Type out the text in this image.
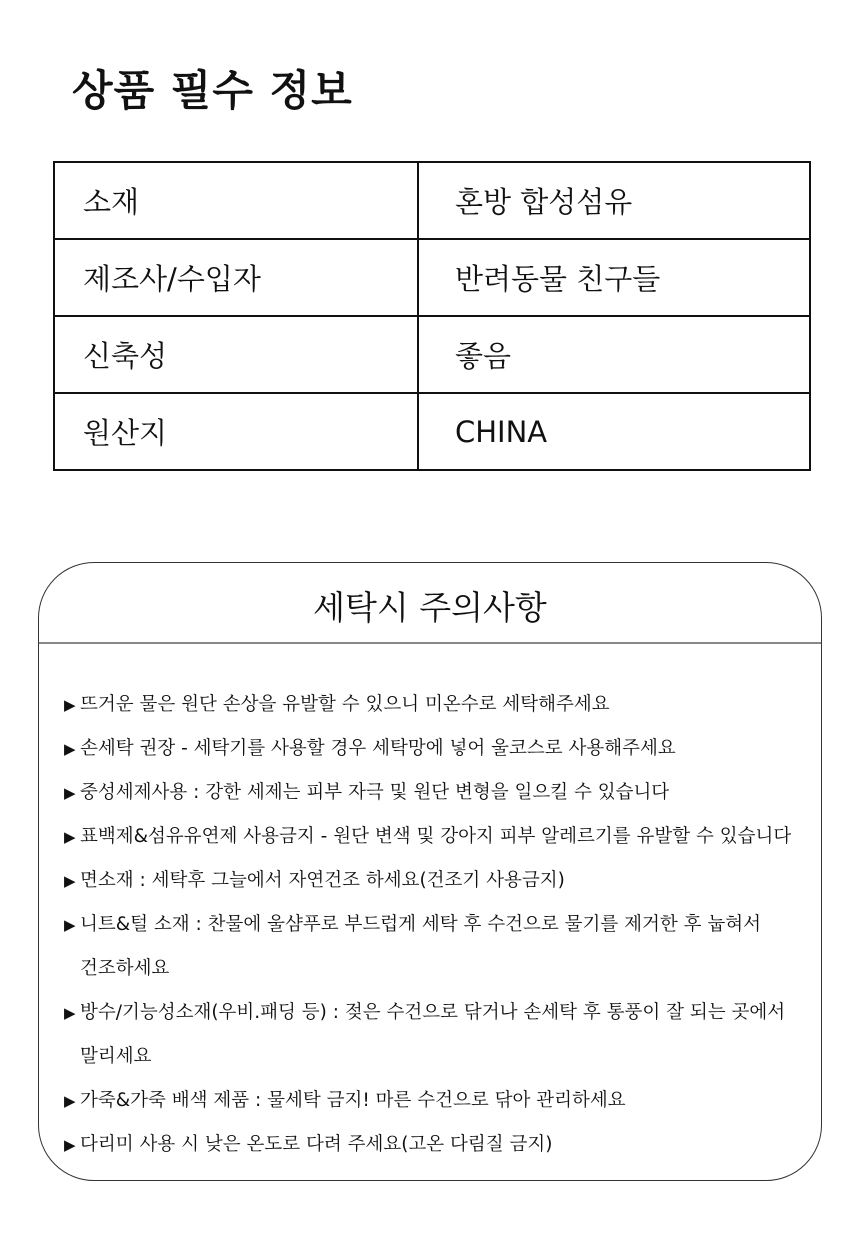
상품 필수 정보
소재	혼방 합성섬유
제조사/수입자	반려동물 친구들
신축성	좋음
원산지	CHINA
세탁시 주의사항
▶ 뜨거운 물은 원단 손상을 유발할 수 있으니 미온수로 세탁해주세요
▶ 손세탁 권장 - 세탁기를 사용할 경우 세탁망에 넣어 울코스로 사용해주세요
▶ 중성세제사용 : 강한 세제는 피부 자극 및 원단 변형을 일으킬 수 있습니다
▶ 표백제&섬유유연제 사용금지 - 원단 변색 및 강아지 피부 알레르기를 유발할 수 있습니다
▶ 면소재 : 세탁후 그늘에서 자연건조 하세요(건조기 사용금지)
▶ 니트&털 소재 : 찬물에 울샴푸로 부드럽게 세탁 후 수건으로 물기를 제거한 후 눕혀서
건조하세요
▶ 방수/기능성소재(우비.패딩 등) : 젖은 수건으로 닦거나 손세탁 후 통풍이 잘 되는 곳에서
말리세요
▶ 가죽&가죽 배색 제품 : 물세탁 금지! 마른 수건으로 닦아 관리하세요
▶ 다리미 사용 시 낮은 온도로 다려 주세요(고온 다림질 금지)
